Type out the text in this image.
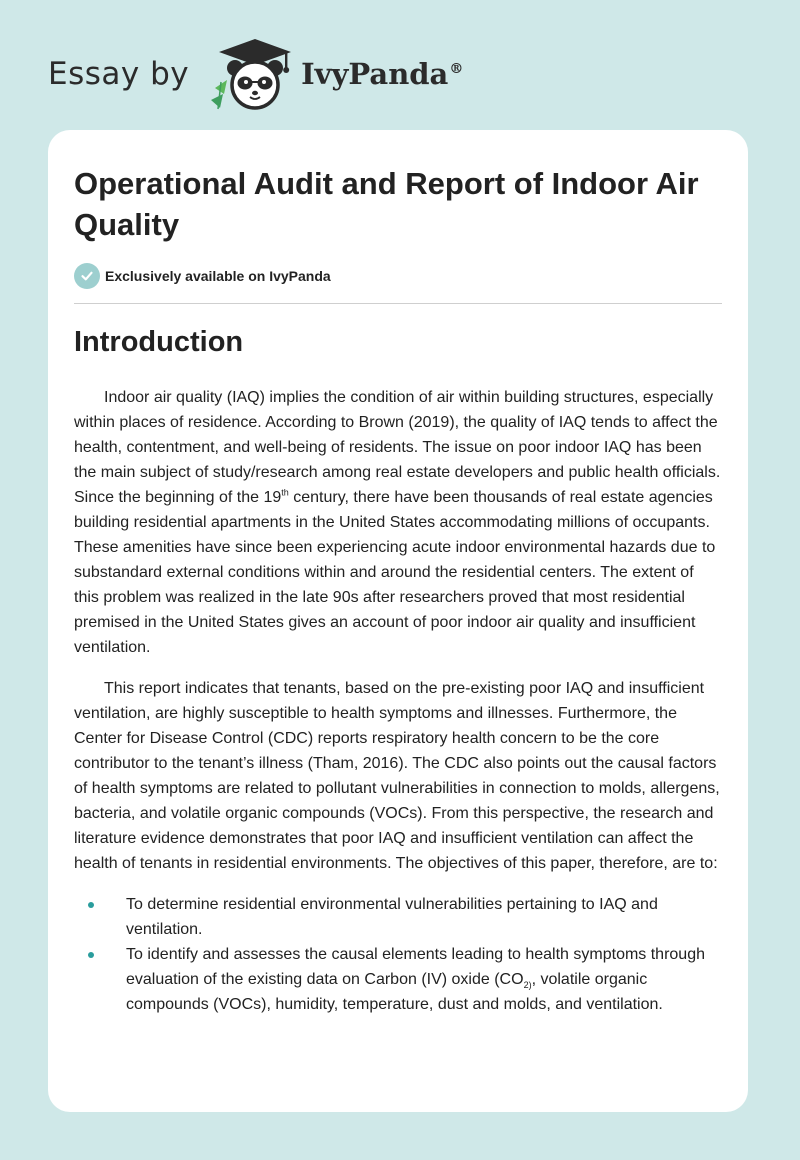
Essay by	IvyPanda®
Operational Audit and Report of Indoor Air Quality
Exclusively available on IvyPanda
Introduction

Indoor air quality (IAQ) implies the condition of air within building structures, especially within places of residence. According to Brown (2019), the quality of IAQ tends to affect the health, contentment, and well-being of residents. The issue on poor indoor IAQ has been the main subject of study/research among real estate developers and public health officials. Since the beginning of the 19th century, there have been thousands of real estate agencies building residential apartments in the United States accommodating millions of occupants. These amenities have since been experiencing acute indoor environmental hazards due to substandard external conditions within and around the residential centers. The extent of this problem was realized in the late 90s after researchers proved that most residential premised in the United States gives an account of poor indoor air quality and insufficient ventilation.

This report indicates that tenants, based on the pre-existing poor IAQ and insufficient ventilation, are highly susceptible to health symptoms and illnesses. Furthermore, the Center for Disease Control (CDC) reports respiratory health concern to be the core contributor to the tenant’s illness (Tham, 2016). The CDC also points out the causal factors of health symptoms are related to pollutant vulnerabilities in connection to molds, allergens, bacteria, and volatile organic compounds (VOCs). From this perspective, the research and literature evidence demonstrates that poor IAQ and insufficient ventilation can affect the health of tenants in residential environments. The objectives of this paper, therefore, are to:

To determine residential environmental vulnerabilities pertaining to IAQ and ventilation.
To identify and assesses the causal elements leading to health symptoms through evaluation of the existing data on Carbon (IV) oxide ($CO_{2)}$, volatile organic compounds (VOCs), humidity, temperature, dust and molds, and ventilation.
